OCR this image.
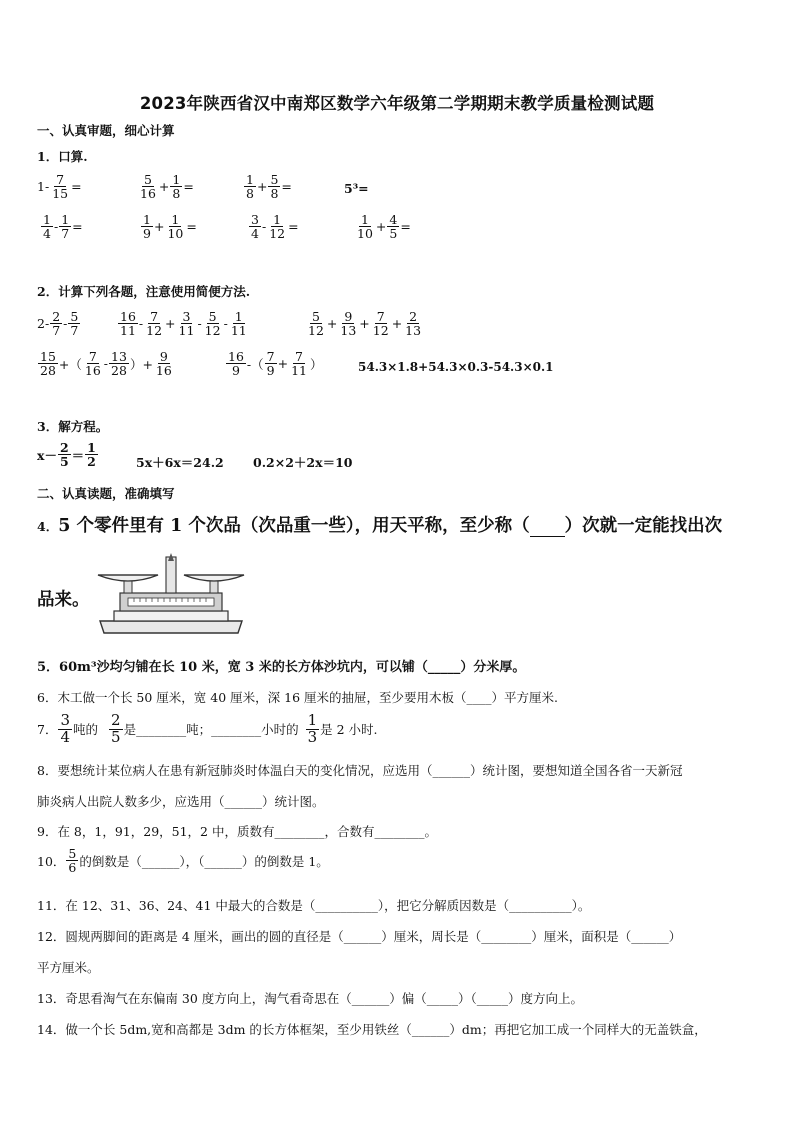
2023年陕西省汉中南郑区数学六年级第二学期期末教学质量检测试题
一、认真审题，细心计算
1．口算.
$1- \frac{7}{15}$ =	$\frac{5}{16} + \frac{1}{8}$ =	$\frac{1}{8} + \frac{5}{8}$ =	5³=
$\frac{1}{4} - \frac{1}{7}$ =	$\frac{1}{9} + \frac{1}{10}$ =	$\frac{3}{4} - \frac{1}{12}$ =	$\frac{1}{10} + \frac{4}{5}$ =
2．计算下列各题，注意使用简便方法.
$2- \frac{2}{7} - \frac{5}{7}$	$\frac{16}{11} - \frac{7}{12} + \frac{3}{11} - \frac{5}{12} - \frac{1}{11}$	$\frac{5}{12} + \frac{9}{13} + \frac{7}{12} + \frac{2}{13}$
$\frac{15}{28}$ +（ $\frac{7}{16} - \frac{13}{28}$ ）+ $\frac{9}{16}$	$\frac{16}{9}$ -（ $\frac{7}{9} + \frac{7}{11}$ ）	54.3×1.8+54.3×0.3-54.3×0.1
3．解方程。
$x- \frac{2}{5} = \frac{1}{2}$	5x＋6x＝24.2 0.2×2＋2x＝10
二、认真读题，准确填写
4．5 个零件里有 1 个次品（次品重一些），用天平称，至少称（ ）次就一定能找出次
品来。
5．60m³沙均匀铺在长 10 米，宽 3 米的长方体沙坑内，可以铺（_____）分米厚。
6．木工做一个长 50 厘米，宽 40 厘米，深 16 厘米的抽屉，至少要用木板（____）平方厘米.
7． $\frac{3}{4}$ 吨的 $\frac{2}{5}$ 是________吨；________小时的 $\frac{1}{3}$ 是 2 小时.
8．要想统计某位病人在患有新冠肺炎时体温白天的变化情况，应选用（______）统计图，要想知道全国各省一天新冠
肺炎病人出院人数多少，应选用（______）统计图。
9．在 8，1，91，29，51，2 中，质数有________，合数有________。
10． $\frac{5}{6}$ 的倒数是（______），（______）的倒数是 1。
11．在 12、31、36、24、41 中最大的合数是（__________），把它分解质因数是（__________）。
12．圆规两脚间的距离是 4 厘米，画出的圆的直径是（______）厘米，周长是（________）厘米，面积是（______）
平方厘米。
13．奇思看淘气在东偏南 30 度方向上，淘气看奇思在（______）偏（_____）（_____）度方向上。
14．做一个长 5dm,宽和高都是 3dm 的长方体框架，至少用铁丝（______）dm；再把它加工成一个同样大的无盖铁盒，
